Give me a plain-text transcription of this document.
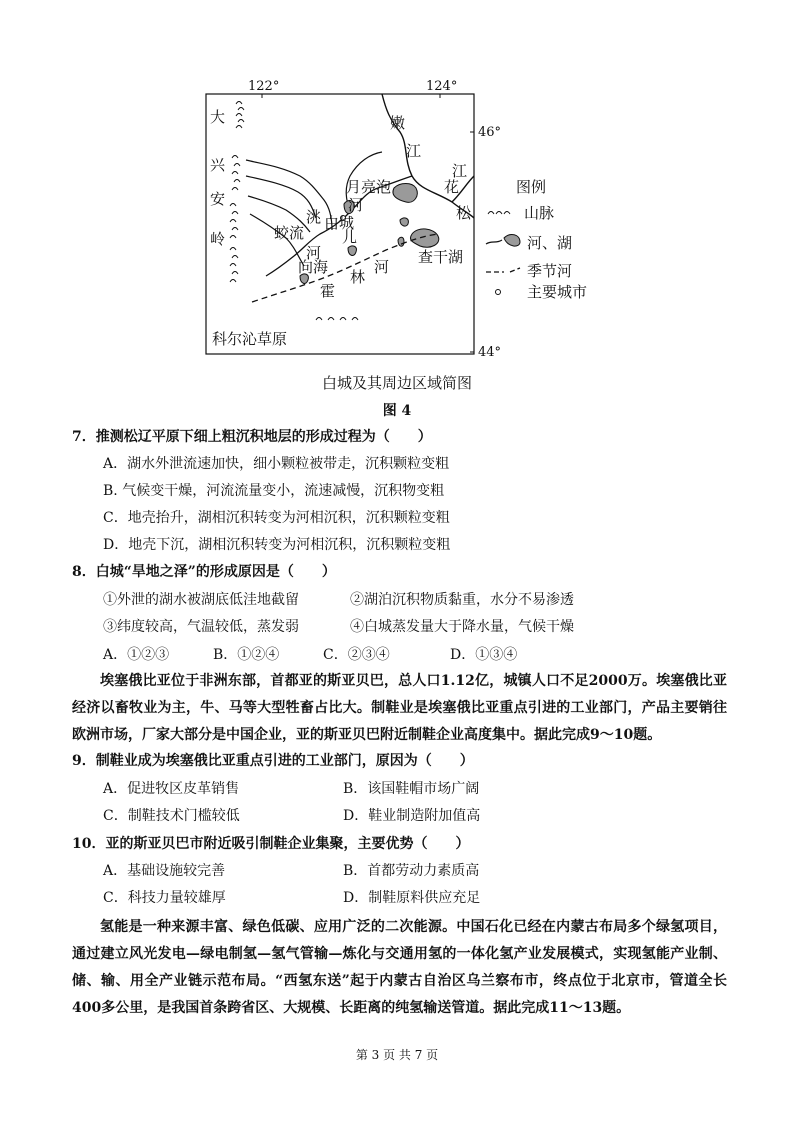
122°	124°
46°
44°
大
兴
安
岭
嫩
江
江
花
松
月亮泡
洮
儿
河
白城
蛟流
河
向海
霍
林
河
查干湖
科尔沁草原
图例
山脉
河、湖
季节河
主要城市
白城及其周边区域简图
图 4
7．推测松辽平原下细上粗沉积地层的形成过程为（　　）
A．湖水外泄流速加快，细小颗粒被带走，沉积颗粒变粗
B. 气候变干燥，河流流量变小，流速减慢，沉积物变粗
C．地壳抬升，湖相沉积转变为河相沉积，沉积颗粒变粗
D．地壳下沉，湖相沉积转变为河相沉积，沉积颗粒变粗
8．白城“旱地之泽”的形成原因是（　　）
①外泄的湖水被湖底低洼地截留	②湖泊沉积物质黏重，水分不易渗透
③纬度较高，气温较低，蒸发弱	④白城蒸发量大于降水量，气候干燥
A．①②③	B．①②④	C．②③④	D．①③④
埃塞俄比亚位于非洲东部，首都亚的斯亚贝巴，总人口1.12亿，城镇人口不足2000万。埃塞俄比亚经济以畜牧业为主，牛、马等大型牲畜占比大。制鞋业是埃塞俄比亚重点引进的工业部门，产品主要销往欧洲市场，厂家大部分是中国企业，亚的斯亚贝巴附近制鞋企业高度集中。据此完成9～10题。
9．制鞋业成为埃塞俄比亚重点引进的工业部门，原因为（　　）
A．促进牧区皮革销售	B．该国鞋帽市场广阔
C．制鞋技术门槛较低	D．鞋业制造附加值高
10．亚的斯亚贝巴市附近吸引制鞋企业集聚，主要优势（　　）
A．基础设施较完善	B．首都劳动力素质高
C．科技力量较雄厚	D．制鞋原料供应充足
氢能是一种来源丰富、绿色低碳、应用广泛的二次能源。中国石化已经在内蒙古布局多个绿氢项目，通过建立风光发电—绿电制氢—氢气管输—炼化与交通用氢的一体化氢产业发展模式，实现氢能产业制、储、输、用全产业链示范布局。“西氢东送”起于内蒙古自治区乌兰察布市，终点位于北京市，管道全长400多公里，是我国首条跨省区、大规模、长距离的纯氢输送管道。据此完成11～13题。
第 3 页 共 7 页
